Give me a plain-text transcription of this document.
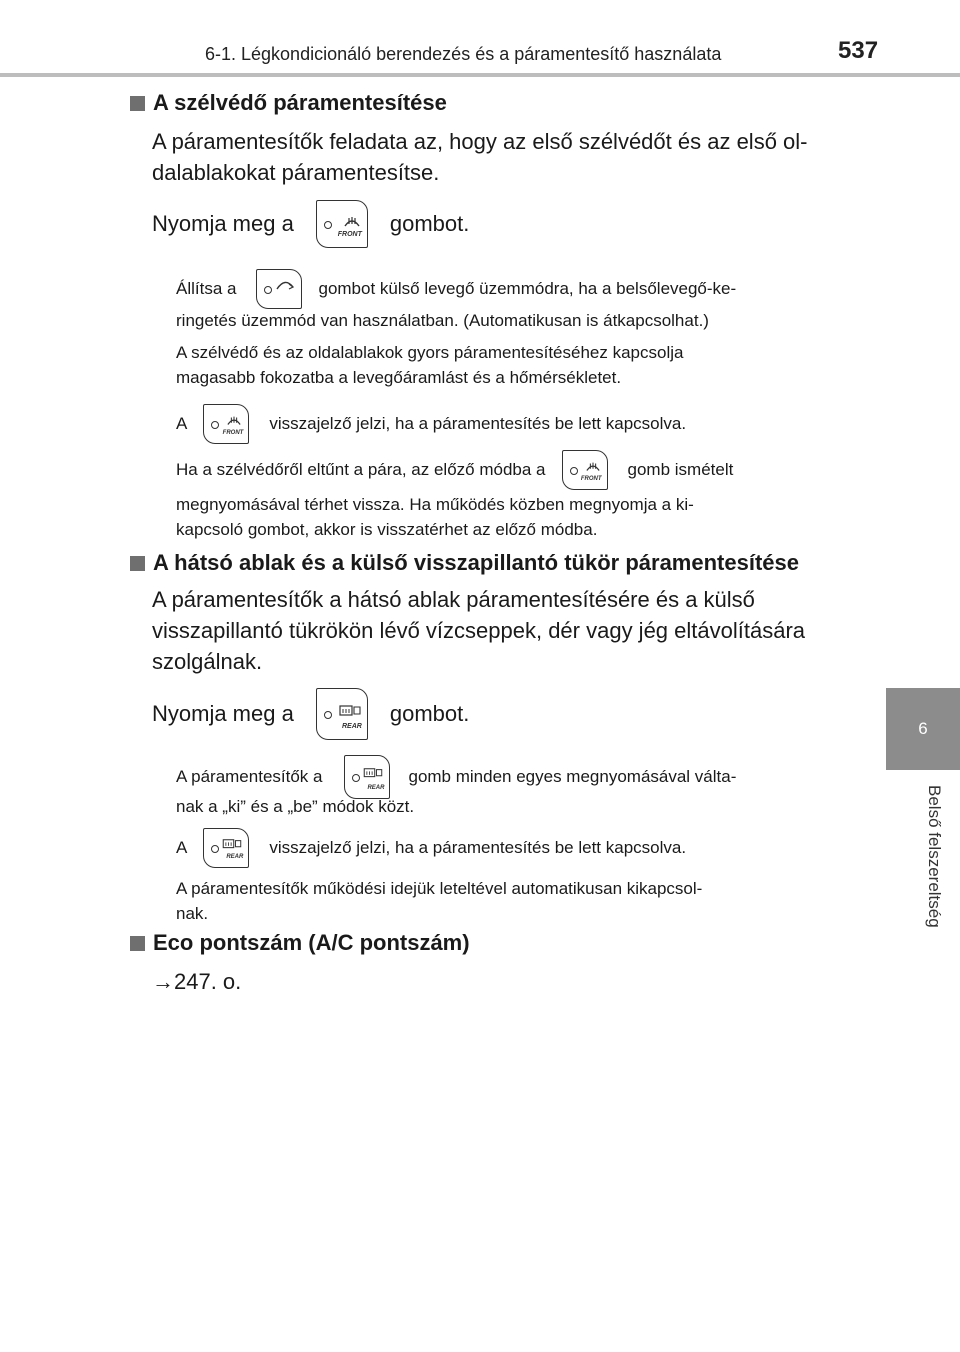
6-1. Légkondicionáló berendezés és a páramentesítő használata	537
6
Belső felszereltség
A szélvédő páramentesítése
A páramentesítők feladata az, hogy az első szélvédőt és az első ol-
dalablakokat páramentesítse.
Nyomja meg a	FRONT gombot.
Állítsa a	gombot külső levegő üzemmódra, ha a belsőlevegő-ke-
ringetés üzemmód van használatban. (Automatikusan is átkapcsolhat.)
A szélvédő és az oldalablakok gyors páramentesítéséhez kapcsolja
magasabb fokozatba a levegőáramlást és a hőmérsékletet.
A	FRONT visszajelző jelzi, ha a páramentesítés be lett kapcsolva.
Ha a szélvédőről eltűnt a pára, az előző módba a	FRONT gomb ismételt
megnyomásával térhet vissza. Ha működés közben megnyomja a ki-
kapcsoló gombot, akkor is visszatérhet az előző módba.
A hátsó ablak és a külső visszapillantó tükör páramentesítése
A páramentesítők a hátsó ablak páramentesítésére és a külső
visszapillantó tükrökön lévő vízcseppek, dér vagy jég eltávolítására
szolgálnak.
Nyomja meg a
REAR
gombot.
A páramentesítők a
REAR
gomb minden egyes megnyomásával válta-
nak a „ki” és a „be” módok közt.
A	REAR visszajelző jelzi, ha a páramentesítés be lett kapcsolva.
A páramentesítők működési idejük leteltével automatikusan kikapcsol-
nak.
Eco pontszám (A/C pontszám)
→247. o.
